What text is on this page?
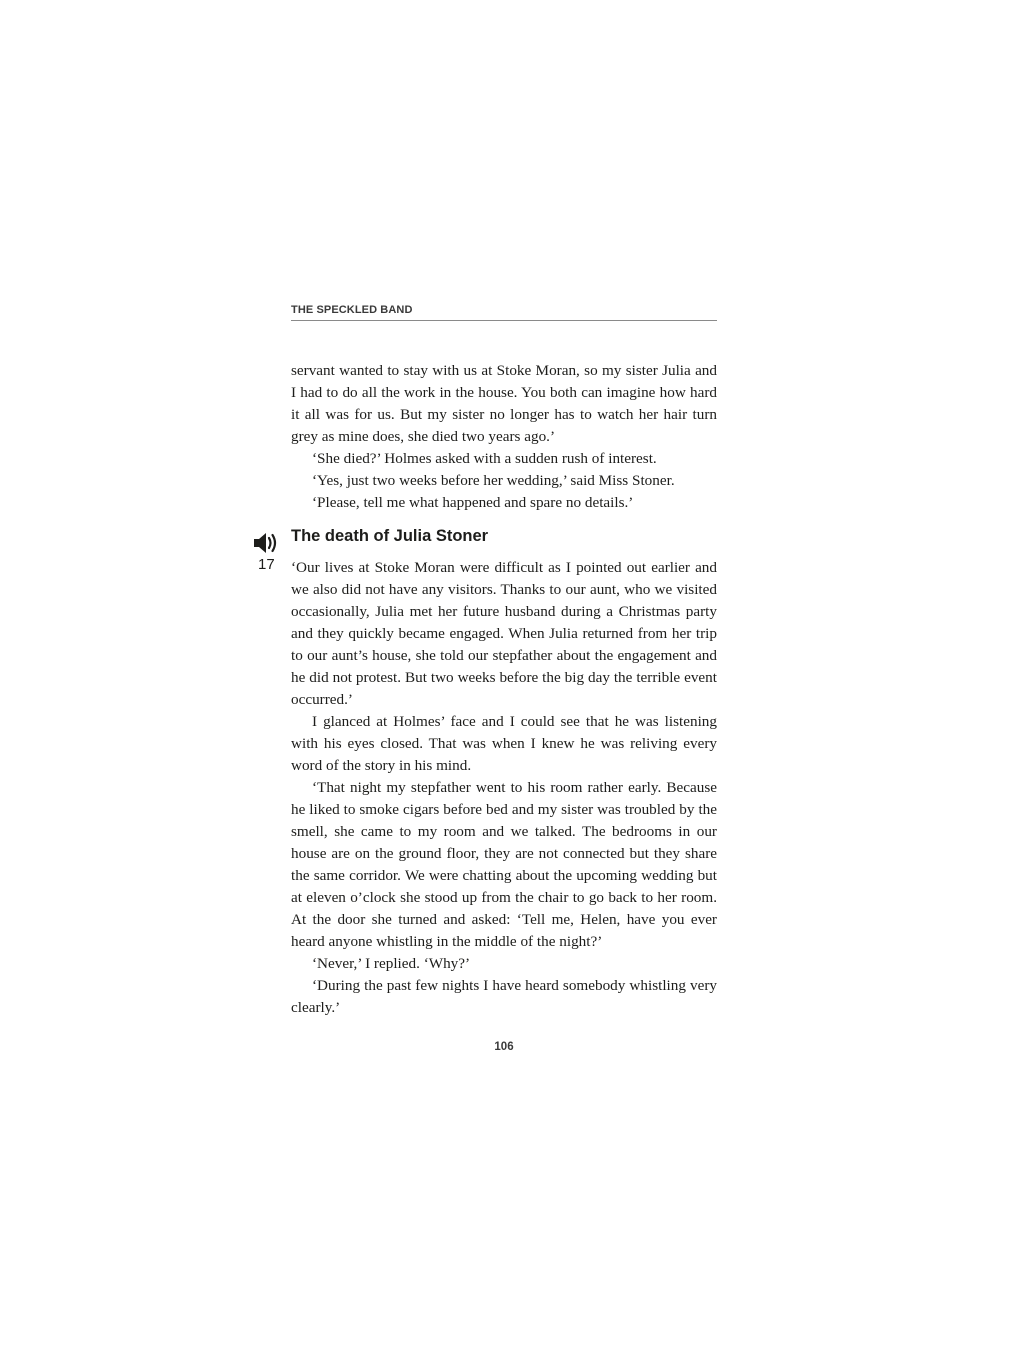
THE SPECKLED BAND

servant wanted to stay with us at Stoke Moran, so my sister Julia and I had to do all the work in the house. You both can imagine how hard it all was for us. But my sister no longer has to watch her hair turn grey as mine does, she died two years ago.’

‘She died?’ Holmes asked with a sudden rush of interest.

‘Yes, just two weeks before her wedding,’ said Miss Stoner.

‘Please, tell me what happened and spare no details.’

17
The death of Julia Stoner

‘Our lives at Stoke Moran were difficult as I pointed out earlier and we also did not have any visitors. Thanks to our aunt, who we visited occasionally, Julia met her future husband during a Christmas party and they quickly became engaged. When Julia returned from her trip to our aunt’s house, she told our stepfather about the engagement and he did not protest. But two weeks before the big day the terrible event occurred.’

I glanced at Holmes’ face and I could see that he was listening with his eyes closed. That was when I knew he was reliving every word of the story in his mind.

‘That night my stepfather went to his room rather early. Because he liked to smoke cigars before bed and my sister was troubled by the smell, she came to my room and we talked. The bedrooms in our house are on the ground floor, they are not connected but they share the same corridor. We were chatting about the upcoming wedding but at eleven o’clock she stood up from the chair to go back to her room. At the door she turned and asked: ‘Tell me, Helen, have you ever heard anyone whistling in the middle of the night?’

‘Never,’ I replied. ‘Why?’

‘During the past few nights I have heard somebody whistling very clearly.’

106
